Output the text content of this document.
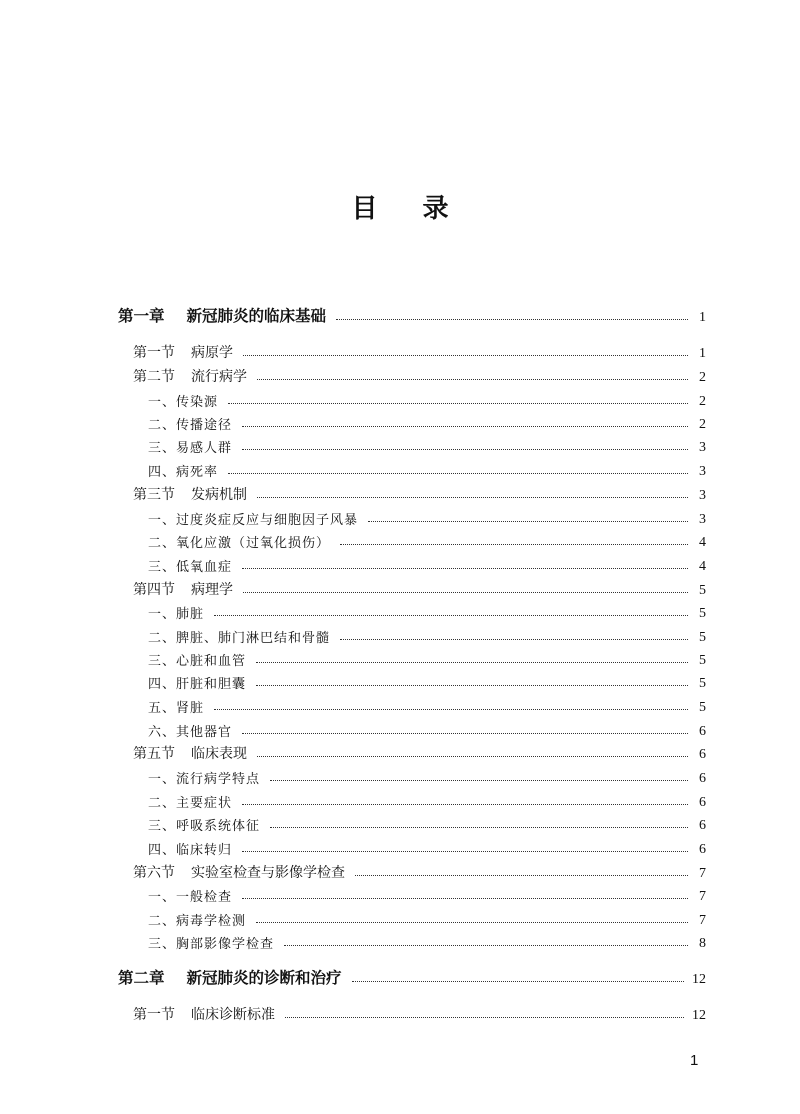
目 录
第一章 新冠肺炎的临床基础	1
第一节 病原学	1
第二节 流行病学	2
一、传染源	2
二、传播途径	2
三、易感人群	3
四、病死率	3
第三节 发病机制	3
一、过度炎症反应与细胞因子风暴	3
二、氧化应激（过氧化损伤）	4
三、低氧血症	4
第四节 病理学	5
一、肺脏	5
二、脾脏、肺门淋巴结和骨髓	5
三、心脏和血管	5
四、肝脏和胆囊	5
五、肾脏	5
六、其他器官	6
第五节 临床表现	6
一、流行病学特点	6
二、主要症状	6
三、呼吸系统体征	6
四、临床转归	6
第六节 实验室检查与影像学检查	7
一、一般检查	7
二、病毒学检测	7
三、胸部影像学检查	8
第二章 新冠肺炎的诊断和治疗	12
第一节 临床诊断标准	12
1
